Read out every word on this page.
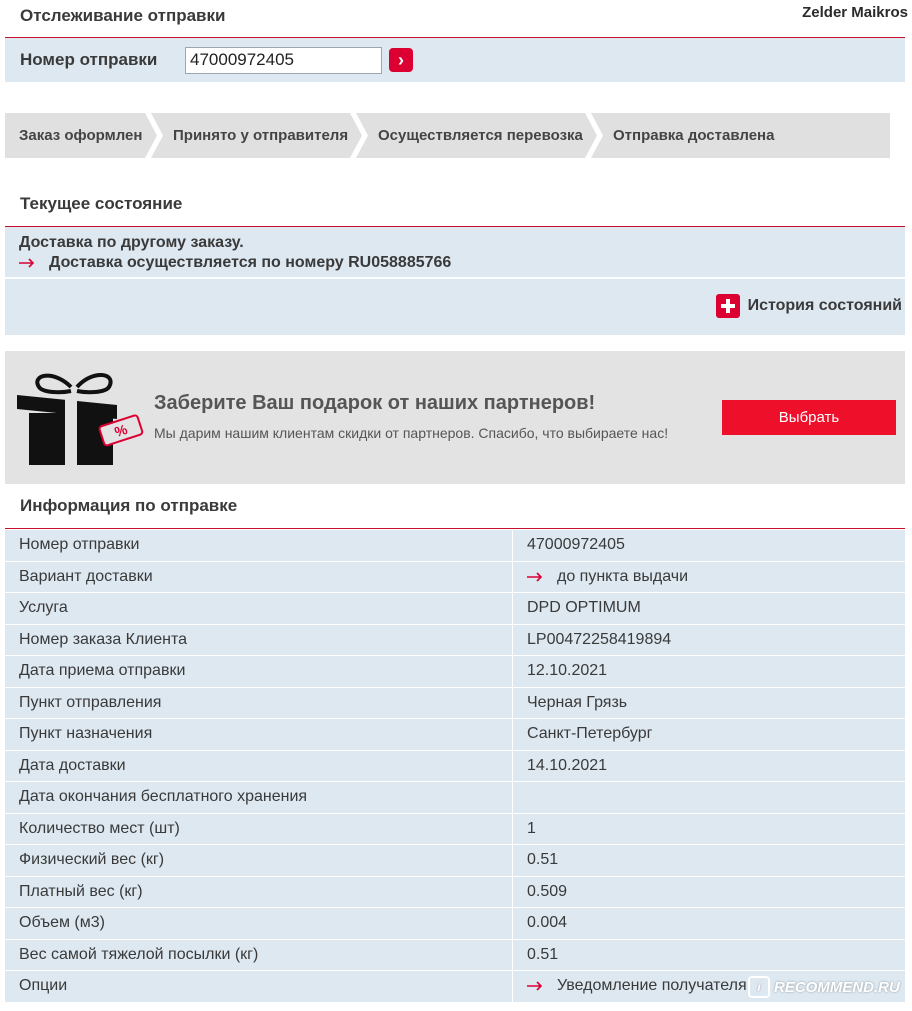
Zelder Maikros
Отслеживание отправки
Номер отправки
47000972405	›
Заказ оформлен Принято у отправителя Осуществляется перевозка Отправка доставлена
Текущее состояние
Доставка по другому заказу.
Доставка осуществляется по номеру RU058885766
История состояний
%
Заберите Ваш подарок от наших партнеров!
Мы дарим нашим клиентам скидки от партнеров. Спасибо, что выбираете нас!
Выбрать
Информация по отправке
Номер отправки	47000972405
Вариант доставки	до пункта выдачи
Услуга	DPD OPTIMUM
Номер заказа Клиента	LP00472258419894
Дата приема отправки	12.10.2021
Пункт отправления	Черная Грязь
Пункт назначения	Санкт-Петербург
Дата доставки	14.10.2021
Дата окончания бесплатного хранения
Количество мест (шт)	1
Физический вес (кг)	0.51
Платный вес (кг)	0.509
Объем (м3)	0.004
Вес самой тяжелой посылки (кг)	0.51
Опции	Уведомление получателя i RECOMMEND.RU
